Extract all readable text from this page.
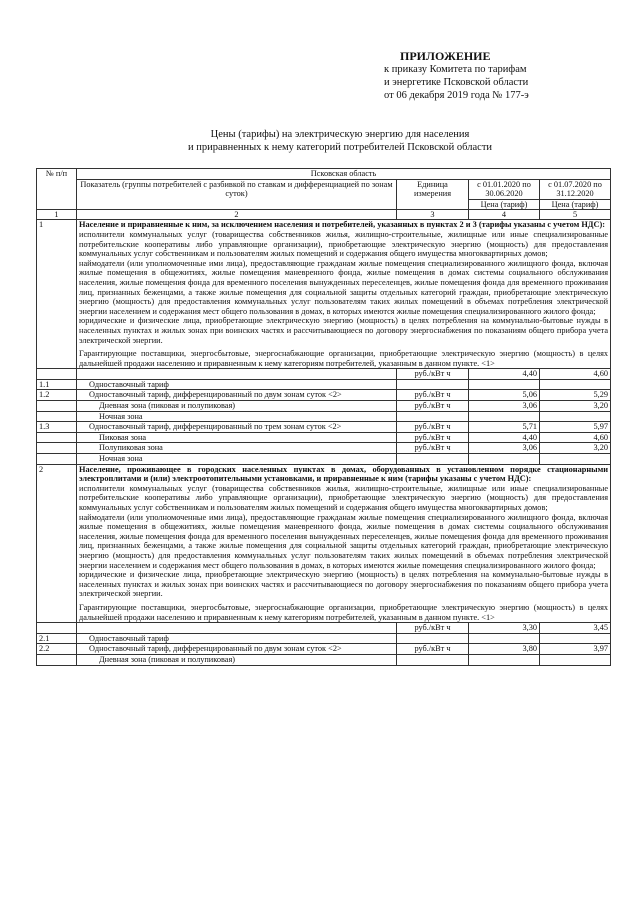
ПРИЛОЖЕНИЕ
к приказу Комитета по тарифам
и энергетике Псковской области
от 06 декабря 2019 года № 177-э
Цены (тарифы) на электрическую энергию для населения
и приравненных к нему категорий потребителей Псковской области
№ п/п	Псковская область			
	Показатель (группы потребителей с разбивкой по ставкам и дифференциацией по зонам суток)	Единица измерения	с 01.01.2020 по 30.06.2020	с 01.07.2020 по 31.12.2020
			Цена (тариф)	Цена (тариф)
1	2	3	4	5
1	Население и приравненные к ним, за исключением населения и потребителей, указанных в пунктах 2 и 3 (тарифы указаны с учетом НДС):

исполнители коммунальных услуг (товарищества собственников жилья, жилищно-строительные, жилищные или иные специализированные потребительские кооперативы либо управляющие организации), приобретающие электрическую энергию (мощность) для предоставления коммунальных услуг собственникам и пользователям жилых помещений и содержания общего имущества многоквартирных домов;

наймодатели (или уполномоченные ими лица), предоставляющие гражданам жилые помещения специализированного жилищного фонда, включая жилые помещения в общежитиях, жилые помещения маневренного фонда, жилые помещения в домах системы социального обслуживания населения, жилые помещения фонда для временного поселения вынужденных переселенцев, жилые помещения фонда для временного проживания лиц, признанных беженцами, а также жилые помещения для социальной защиты отдельных категорий граждан, приобретающие электрическую энергию (мощность) для предоставления коммунальных услуг пользователям таких жилых помещений в объемах потребления электрической энергии населением и содержания мест общего пользования в домах, в которых имеются жилые помещения специализированного жилого фонда;

юридические и физические лица, приобретающие электрическую энергию (мощность) в целях потребления на коммунально-бытовые нужды в населенных пунктах и жилых зонах при воинских частях и рассчитывающиеся по договору энергоснабжения по показаниям общего прибора учета электрической энергии.

Гарантирующие поставщики, энергосбытовые, энергоснабжающие организации, приобретающие электрическую энергию (мощность) в целях дальнейшей продажи населению и приравненным к нему категориям потребителей, указанным в данном пункте. <1>			

		руб./кВт ч	4,40	4,60
1.1	Одноставочный тариф			
1.2	Одноставочный тариф, дифференцированный по двум зонам суток <2>	руб./кВт ч	5,06	5,29
	Дневная зона (пиковая и полупиковая)	руб./кВт ч	3,06	3,20
	Ночная зона			
1.3	Одноставочный тариф, дифференцированный по трем зонам суток <2>	руб./кВт ч	5,71	5,97
	Пиковая зона	руб./кВт ч	4,40	4,60
	Полупиковая зона	руб./кВт ч	3,06	3,20
	Ночная зона			
2	Население, проживающее в городских населенных пунктах в домах, оборудованных в установленном порядке стационарными электроплитами и (или) электроотопительными установками, и приравненные к ним (тарифы указаны с учетом НДС):

исполнители коммунальных услуг (товарищества собственников жилья, жилищно-строительные, жилищные или иные специализированные потребительские кооперативы либо управляющие организации), приобретающие электрическую энергию (мощность) для предоставления коммунальных услуг собственникам и пользователям жилых помещений и содержания общего имущества многоквартирных домов;

наймодатели (или уполномоченные ими лица), предоставляющие гражданам жилые помещения специализированного жилищного фонда, включая жилые помещения в общежитиях, жилые помещения маневренного фонда, жилые помещения в домах системы социального обслуживания населения, жилые помещения фонда для временного поселения вынужденных переселенцев, жилые помещения фонда для временного проживания лиц, признанных беженцами, а также жилые помещения для социальной защиты отдельных категорий граждан, приобретающие электрическую энергию (мощность) для предоставления коммунальных услуг пользователям таких жилых помещений в объемах потребления электрической энергии населением и содержания мест общего пользования в домах, в которых имеются жилые помещения специализированного жилого фонда;

юридические и физические лица, приобретающие электрическую энергию (мощность) в целях потребления на коммунально-бытовые нужды в населенных пунктах и жилых зонах при воинских частях и рассчитывающиеся по договору энергоснабжения по показаниям общего прибора учета электрической энергии.

Гарантирующие поставщики, энергосбытовые, энергоснабжающие организации, приобретающие электрическую энергию (мощность) в целях дальнейшей продажи населению и приравненным к нему категориям потребителей, указанным в данном пункте. <1>			

		руб./кВт ч	3,30	3,45
2.1	Одноставочный тариф			
2.2	Одноставочный тариф, дифференцированный по двум зонам суток <2>	руб./кВт ч	3,80	3,97
	Дневная зона (пиковая и полупиковая)			
